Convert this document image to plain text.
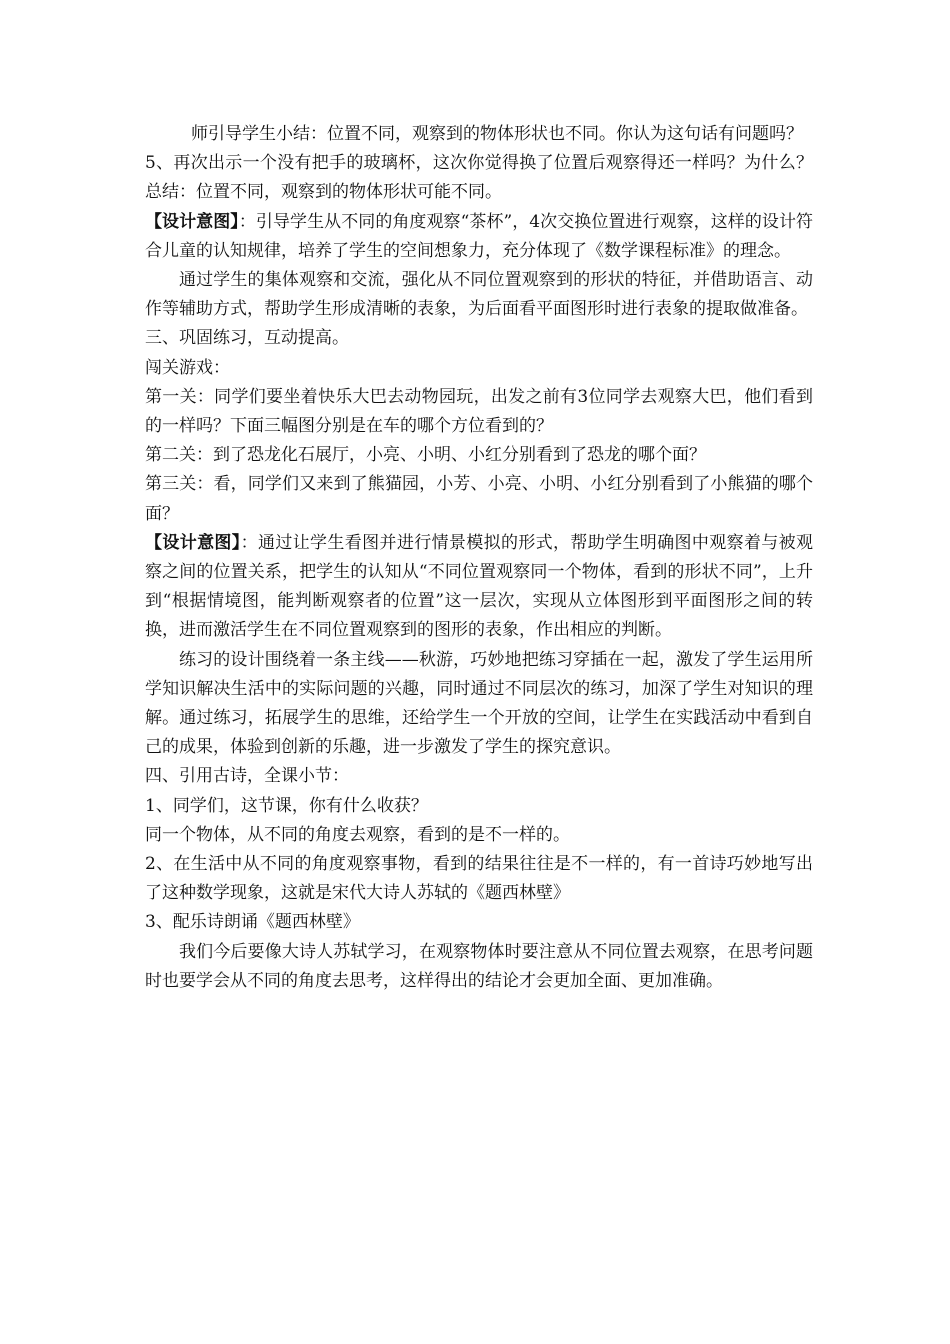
师引导学生小结：位置不同，观察到的物体形状也不同。你认为这句话有问题吗？

5、再次出示一个没有把手的玻璃杯，这次你觉得换了位置后观察得还一样吗？为什么？总结：位置不同，观察到的物体形状可能不同。

【设计意图】：引导学生从不同的角度观察“茶杯”，4次交换位置进行观察，这样的设计符合儿童的认知规律，培养了学生的空间想象力，充分体现了《数学课程标准》的理念。

通过学生的集体观察和交流，强化从不同位置观察到的形状的特征，并借助语言、动作等辅助方式，帮助学生形成清晰的表象，为后面看平面图形时进行表象的提取做准备。

三、巩固练习，互动提高。

闯关游戏：

第一关：同学们要坐着快乐大巴去动物园玩，出发之前有3位同学去观察大巴，他们看到的一样吗？下面三幅图分别是在车的哪个方位看到的？

第二关：到了恐龙化石展厅，小亮、小明、小红分别看到了恐龙的哪个面？

第三关：看，同学们又来到了熊猫园，小芳、小亮、小明、小红分别看到了小熊猫的哪个面？

【设计意图】：通过让学生看图并进行情景模拟的形式，帮助学生明确图中观察着与被观察之间的位置关系，把学生的认知从“不同位置观察同一个物体，看到的形状不同”，上升到“根据情境图，能判断观察者的位置”这一层次，实现从立体图形到平面图形之间的转换，进而激活学生在不同位置观察到的图形的表象，作出相应的判断。

练习的设计围绕着一条主线——秋游，巧妙地把练习穿插在一起，激发了学生运用所学知识解决生活中的实际问题的兴趣，同时通过不同层次的练习，加深了学生对知识的理解。通过练习，拓展学生的思维，还给学生一个开放的空间，让学生在实践活动中看到自己的成果，体验到创新的乐趣，进一步激发了学生的探究意识。

四、引用古诗，全课小节：

1、同学们，这节课，你有什么收获？

同一个物体，从不同的角度去观察，看到的是不一样的。

2、在生活中从不同的角度观察事物，看到的结果往往是不一样的，有一首诗巧妙地写出了这种数学现象，这就是宋代大诗人苏轼的《题西林壁》

3、配乐诗朗诵《题西林壁》

我们今后要像大诗人苏轼学习，在观察物体时要注意从不同位置去观察，在思考问题时也要学会从不同的角度去思考，这样得出的结论才会更加全面、更加准确。
